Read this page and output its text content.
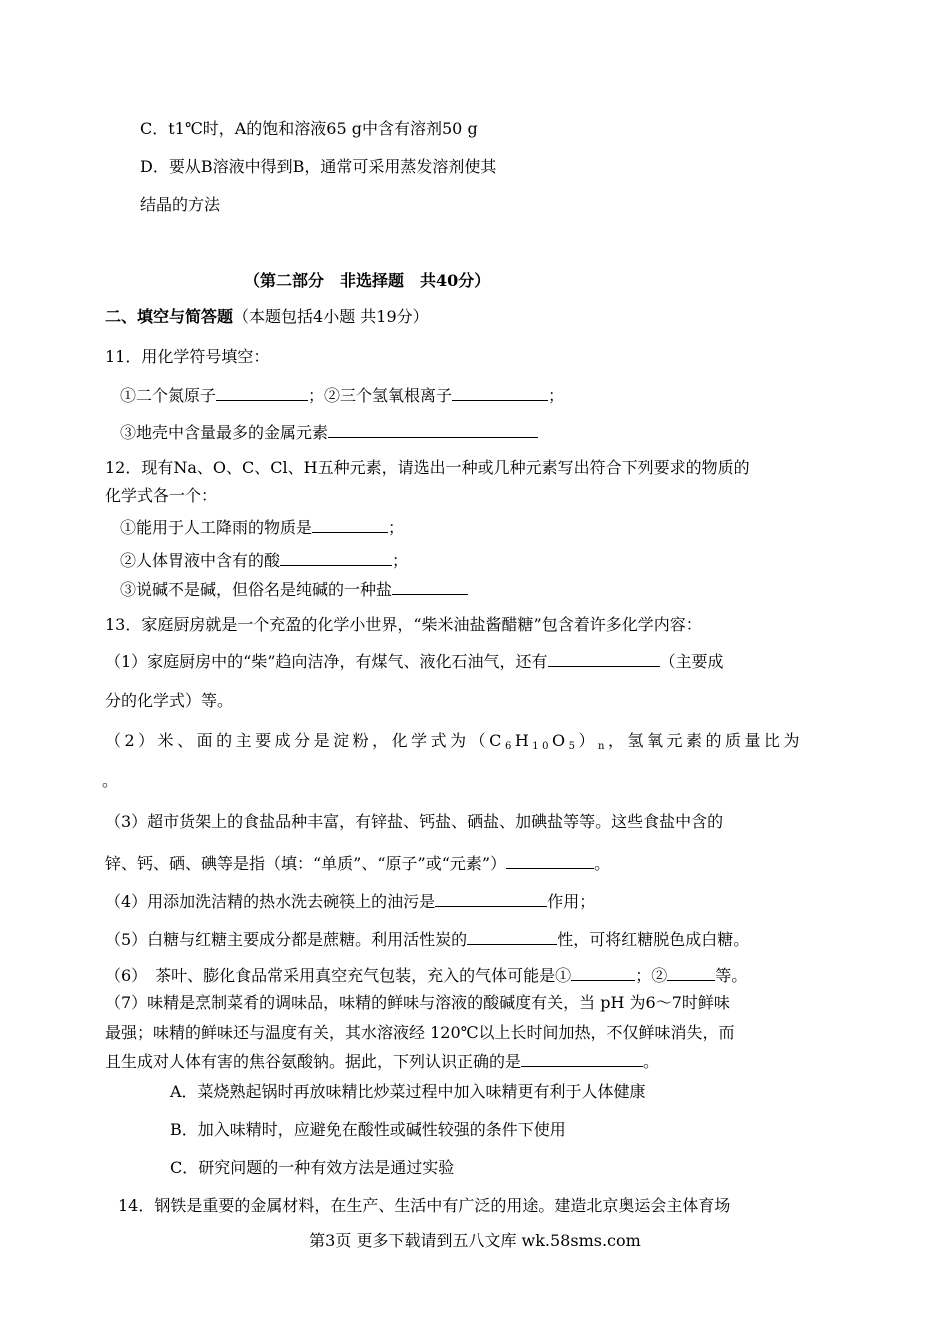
C．t1℃时，A的饱和溶液65 g中含有溶剂50 g
D．要从B溶液中得到B，通常可采用蒸发溶剂使其
结晶的方法
（第二部分　非选择题　共40分）
二、填空与简答题（本题包括4小题 共19分）
11．用化学符号填空：
①二个氮原子	；②三个氢氧根离子	；
③地壳中含量最多的金属元素
12．现有Na、O、C、Cl、H五种元素，请选出一种或几种元素写出符合下列要求的物质的
化学式各一个：
①能用于人工降雨的物质是	；
②人体胃液中含有的酸	；
③说碱不是碱，但俗名是纯碱的一种盐
13．家庭厨房就是一个充盈的化学小世界，“柴米油盐酱醋糖”包含着许多化学内容：
（1）家庭厨房中的“柴”趋向洁净，有煤气、液化石油气，还有	（主要成
分的化学式）等。
（2）米、面的主要成分是淀粉，化学式为$(C_6H_{10}O_5)_n$，氢氧元素的质量比为
。
（3）超市货架上的食盐品种丰富，有锌盐、钙盐、硒盐、加碘盐等等。这些食盐中含的
锌、钙、硒、碘等是指（填：“单质”、“原子”或“元素”）	。
（4）用添加洗洁精的热水洗去碗筷上的油污是	作用；
（5）白糖与红糖主要成分都是蔗糖。利用活性炭的	性，可将红糖脱色成白糖。
（6）　茶叶、膨化食品常采用真空充气包装，充入的气体可能是①	；②	等。
（7）味精是烹制菜肴的调味品，味精的鲜味与溶液的酸碱度有关，当 pH 为6～7时鲜味
最强；味精的鲜味还与温度有关，其水溶液经 120℃以上长时间加热，不仅鲜味消失，而
且生成对人体有害的焦谷氨酸钠。据此，下列认识正确的是	。
A．菜烧熟起锅时再放味精比炒菜过程中加入味精更有利于人体健康
B．加入味精时，应避免在酸性或碱性较强的条件下使用
C．研究问题的一种有效方法是通过实验
14．钢铁是重要的金属材料，在生产、生活中有广泛的用途。建造北京奥运会主体育场
第3页 更多下载请到五八文库 wk.58sms.com
